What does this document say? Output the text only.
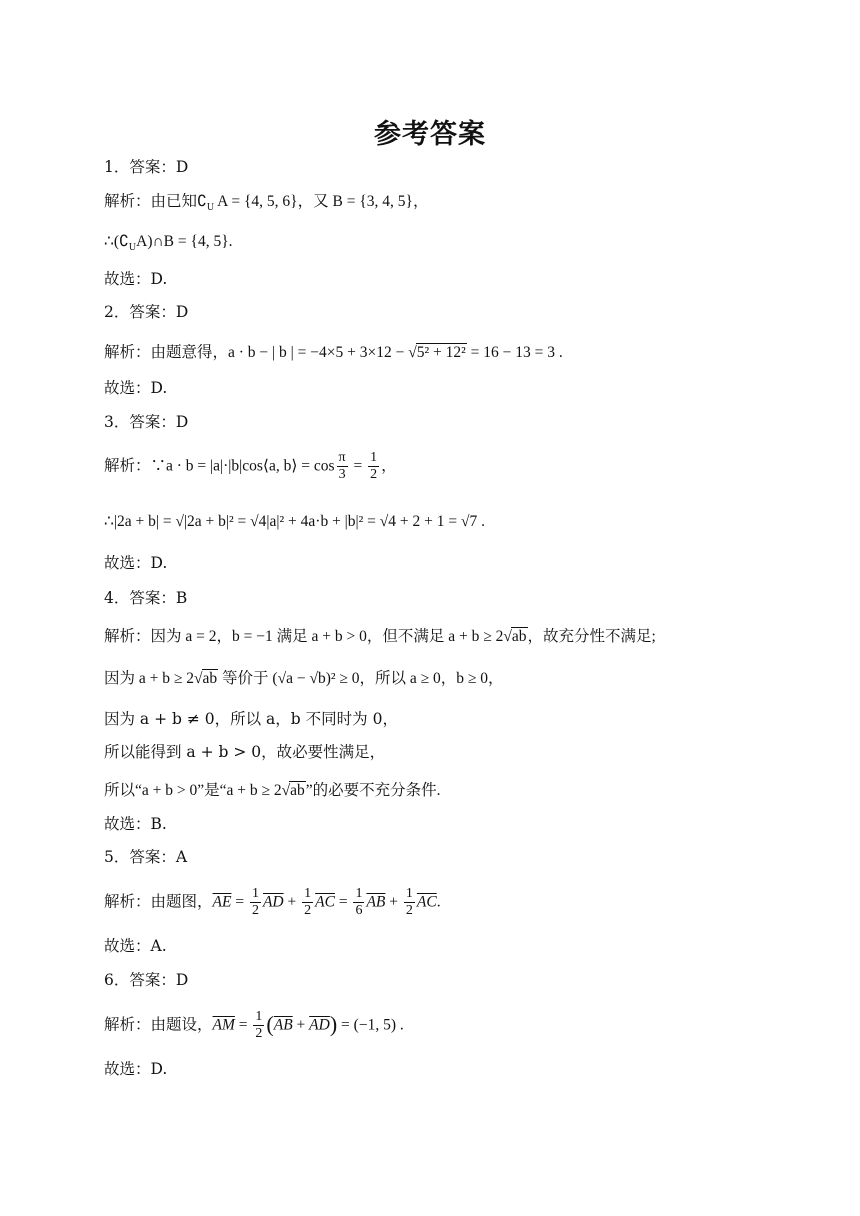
参考答案
1．答案：D
解析：由已知$∁_U$ A = {4, 5, 6}，又 B = {3, 4, 5}，
$\therefore(∁_UA)\cap B = \{4$, 5}.
故选：D.
2．答案：D
解析：由题意得，a · b − | b | = −4×5 + 3×12 − √5² + 12² = 16 − 13 = 3 .
故选：D.
3．答案：D
解析：∵a · b = |a|·|b|cos⟨a, b⟩ = $\cos \frac{\pi}{3} = \frac{1}{2}$ ，
∴|2a + b| = √|2a + b|² = √4|a|² + 4a·b + |b|² = √4 + 2 + 1 = √7 .
故选：D.
4．答案：B
解析：因为 a = 2，b = −1 满足 a + b > 0，但不满足 a + b ≥ 2√ab，故充分性不满足;
因为 a + b ≥ 2√ab 等价于 (√a − √b)² ≥ 0，所以 a ≥ 0，b ≥ 0，
因为 a + b ≠ 0，所以 a，b 不同时为 0，
所以能得到 a + b > 0，故必要性满足，
所以“a + b > 0”是“a + b ≥ 2√ab”的必要不充分条件.
故选：B.
5．答案：A
解析：由题图，$\overline{AE} = \frac{1}{2} \overline{AD} + \frac{1}{2} \overline{AC} = \frac{1}{6} \overline{AB} + \frac{1}{2} \overline{AC}$.
故选：A.
6．答案：D
解析：由题设，$\overline{AM} = \frac{1}{2} (\overline{AB} + \overline{AD}) = (-1$, 5) .
故选：D.
